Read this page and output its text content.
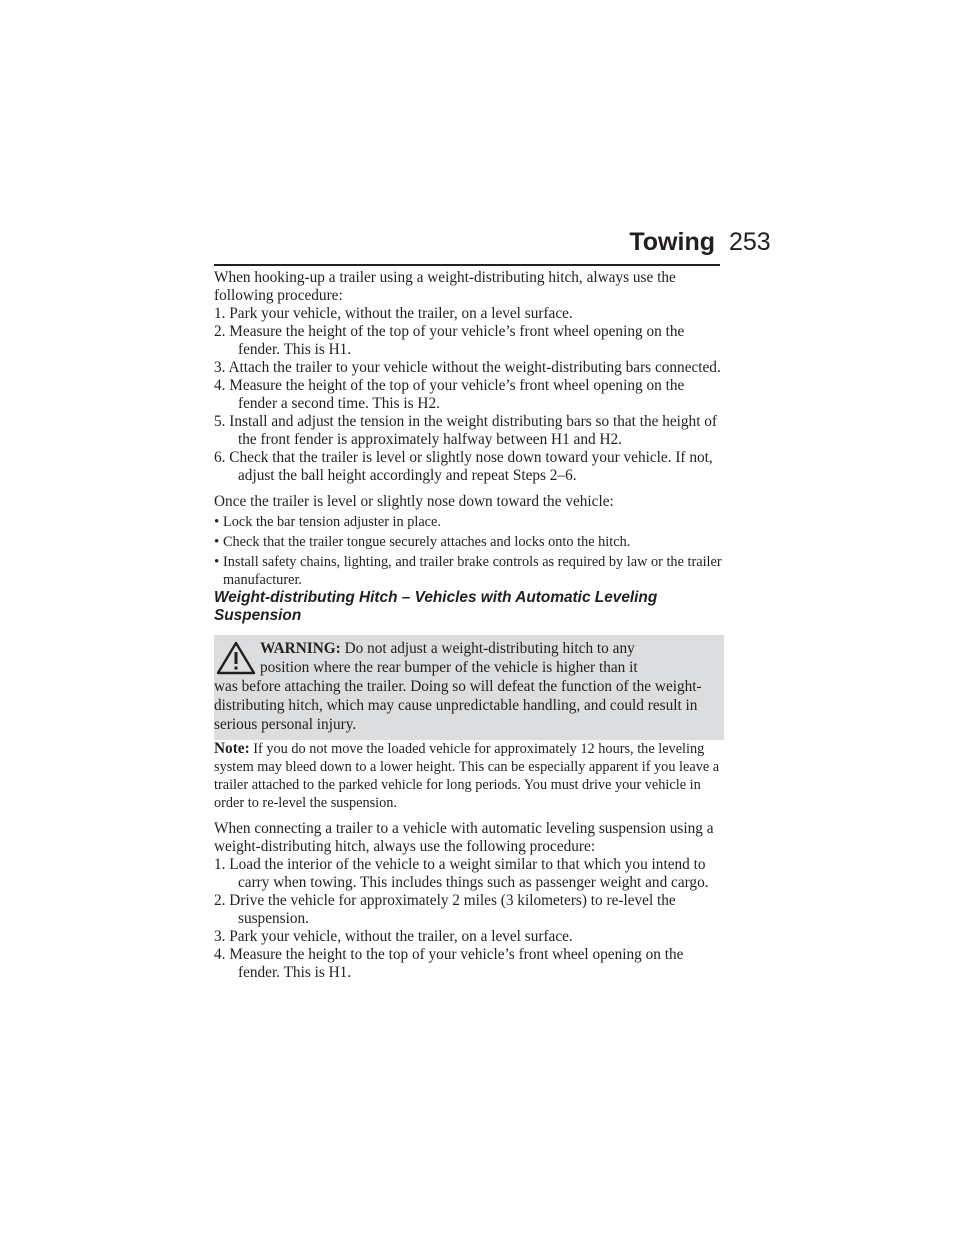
Towing 253

When hooking-up a trailer using a weight-distributing hitch, always use the following procedure:

1. Park your vehicle, without the trailer, on a level surface.

2. Measure the height of the top of your vehicle’s front wheel opening on the fender. This is H1.

3. Attach the trailer to your vehicle without the weight-distributing bars connected.

4. Measure the height of the top of your vehicle’s front wheel opening on the fender a second time. This is H2.

5. Install and adjust the tension in the weight distributing bars so that the height of the front fender is approximately halfway between H1 and H2.

6. Check that the trailer is level or slightly nose down toward your vehicle. If not, adjust the ball height accordingly and repeat Steps 2–6.

Once the trailer is level or slightly nose down toward the vehicle:

• Lock the bar tension adjuster in place.
• Check that the trailer tongue securely attaches and locks onto the hitch.
• Install safety chains, lighting, and trailer brake controls as required by law or the trailer manufacturer.

Weight-distributing Hitch – Vehicles with Automatic Leveling Suspension

WARNING: Do not adjust a weight-distributing hitch to any
position where the rear bumper of the vehicle is higher than it
was before attaching the trailer. Doing so will defeat the function of the weight-distributing hitch, which may cause unpredictable handling, and could result in serious personal injury.

Note: If you do not move the loaded vehicle for approximately 12 hours, the leveling system may bleed down to a lower height. This can be especially apparent if you leave a trailer attached to the parked vehicle for long periods. You must drive your vehicle in order to re-level the suspension.

When connecting a trailer to a vehicle with automatic leveling suspension using a weight-distributing hitch, always use the following procedure:

1. Load the interior of the vehicle to a weight similar to that which you intend to carry when towing. This includes things such as passenger weight and cargo.

2. Drive the vehicle for approximately 2 miles (3 kilometers) to re-level the suspension.

3. Park your vehicle, without the trailer, on a level surface.

4. Measure the height to the top of your vehicle’s front wheel opening on the fender. This is H1.
